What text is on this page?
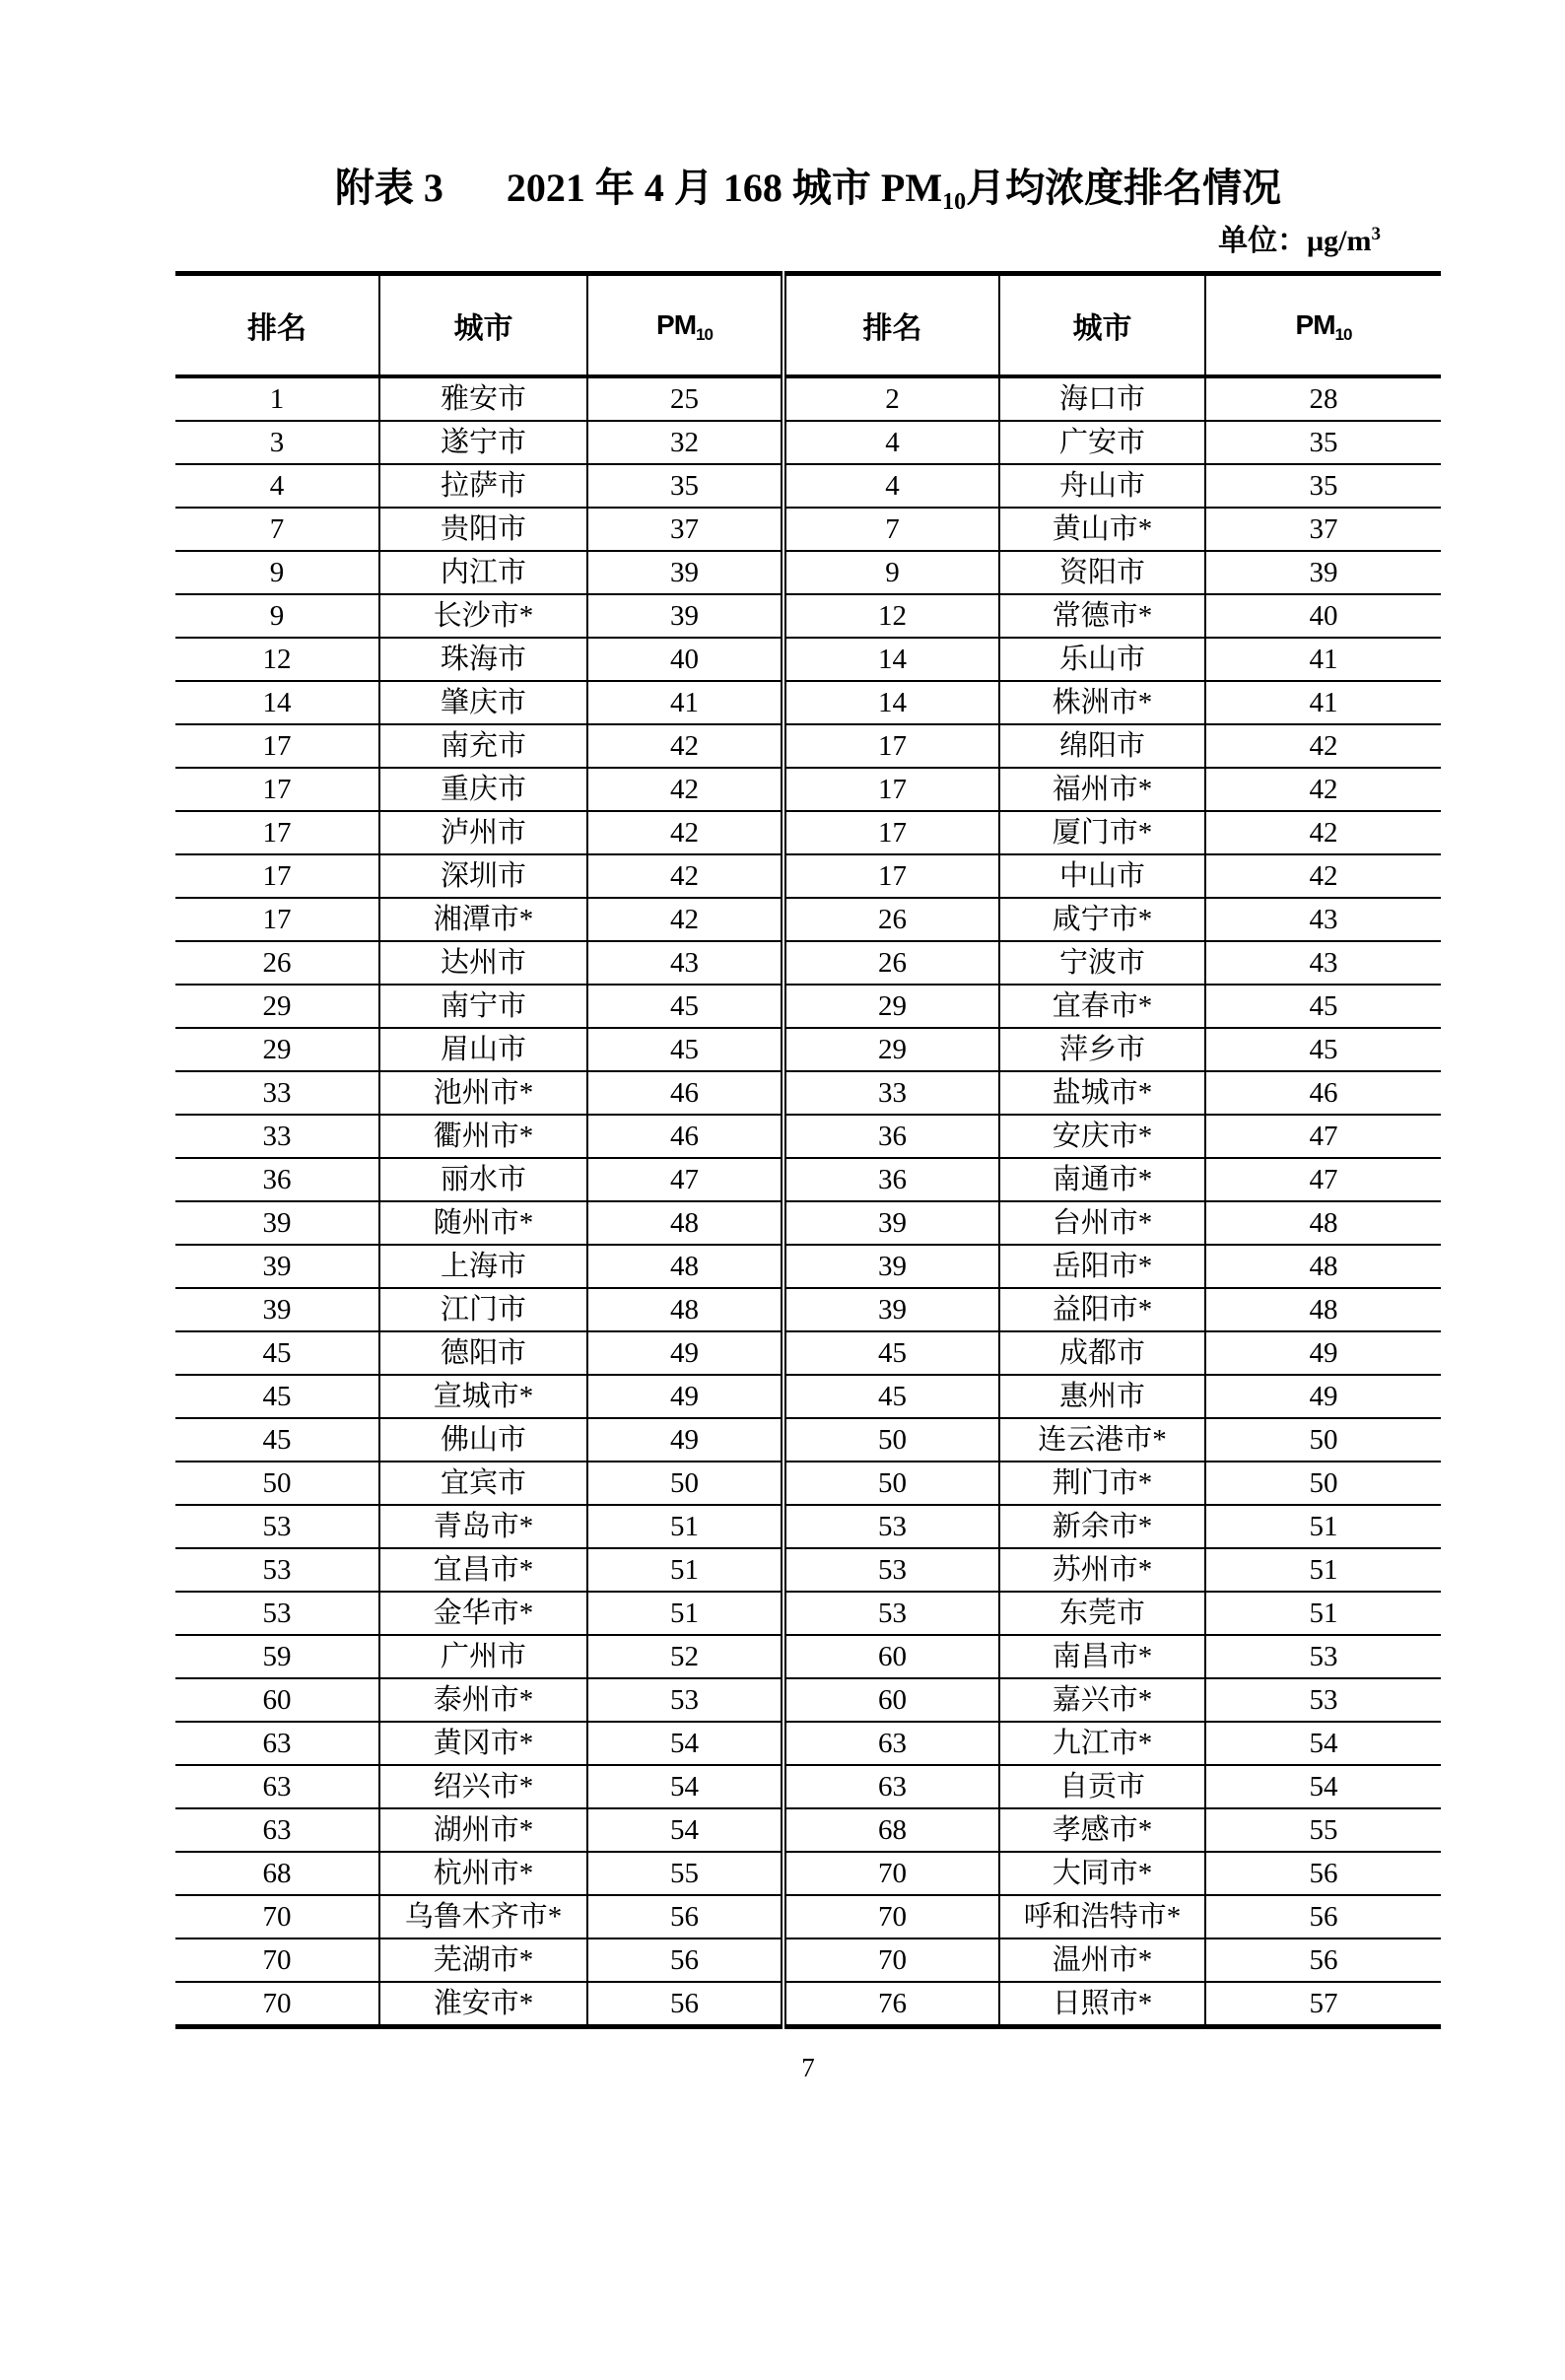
附表 3 2021 年 4 月 168 城市 $PM_{10}$月均浓度排名情况
单位：$\mu g/m^3$
排名	城市	$PM_{10}$	排名	城市	$PM_{10}$
1	雅安市	25	2	海口市	28
3	遂宁市	32	4	广安市	35
4	拉萨市	35	4	舟山市	35
7	贵阳市	37	7	黄山市*	37
9	内江市	39	9	资阳市	39
9	长沙市*	39	12	常德市*	40
12	珠海市	40	14	乐山市	41
14	肇庆市	41	14	株洲市*	41
17	南充市	42	17	绵阳市	42
17	重庆市	42	17	福州市*	42
17	泸州市	42	17	厦门市*	42
17	深圳市	42	17	中山市	42
17	湘潭市*	42	26	咸宁市*	43
26	达州市	43	26	宁波市	43
29	南宁市	45	29	宜春市*	45
29	眉山市	45	29	萍乡市	45
33	池州市*	46	33	盐城市*	46
33	衢州市*	46	36	安庆市*	47
36	丽水市	47	36	南通市*	47
39	随州市*	48	39	台州市*	48
39	上海市	48	39	岳阳市*	48
39	江门市	48	39	益阳市*	48
45	德阳市	49	45	成都市	49
45	宣城市*	49	45	惠州市	49
45	佛山市	49	50	连云港市*	50
50	宜宾市	50	50	荆门市*	50
53	青岛市*	51	53	新余市*	51
53	宜昌市*	51	53	苏州市*	51
53	金华市*	51	53	东莞市	51
59	广州市	52	60	南昌市*	53
60	泰州市*	53	60	嘉兴市*	53
63	黄冈市*	54	63	九江市*	54
63	绍兴市*	54	63	自贡市	54
63	湖州市*	54	68	孝感市*	55
68	杭州市*	55	70	大同市*	56
70	乌鲁木齐市*	56	70	呼和浩特市*	56
70	芜湖市*	56	70	温州市*	56
70	淮安市*	56	76	日照市*	57
7
